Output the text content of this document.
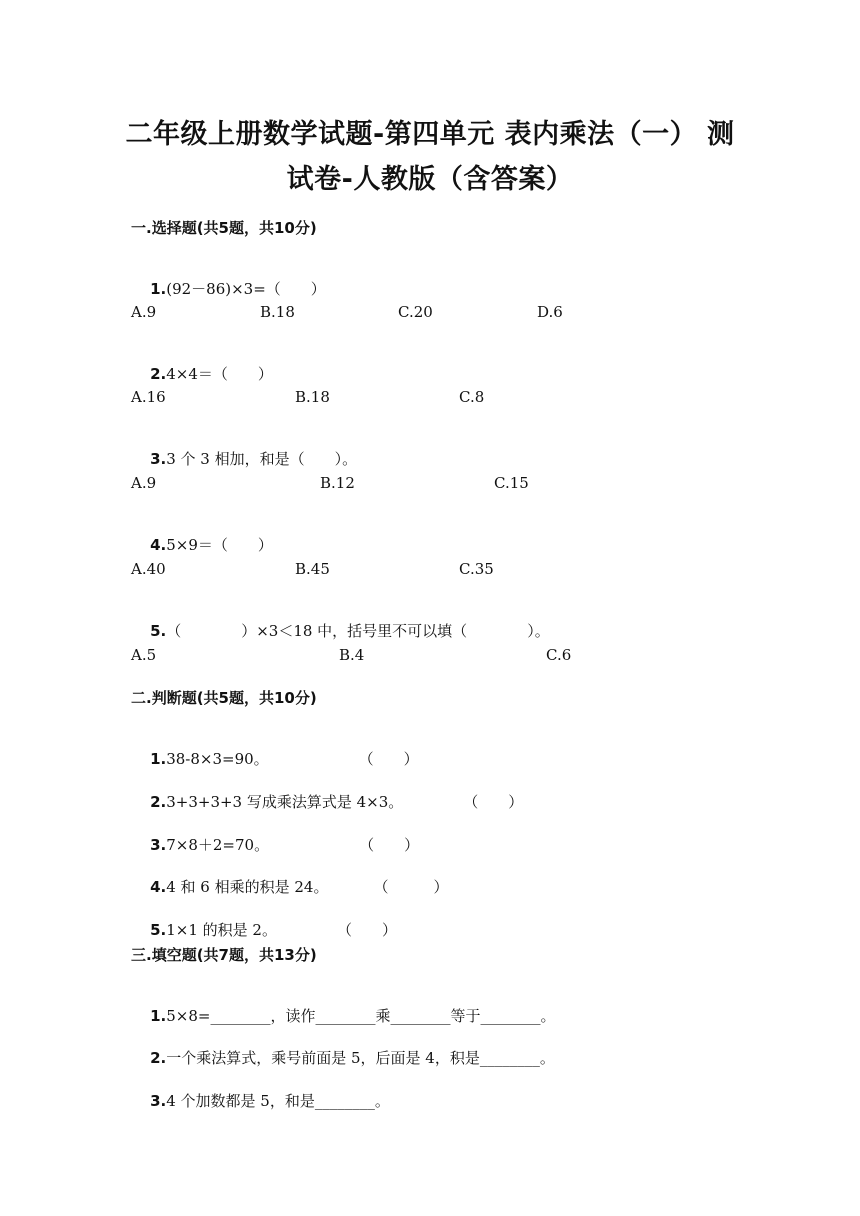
二年级上册数学试题-第四单元 表内乘法（一） 测
试卷-人教版（含答案）
一.选择题(共5题，共10分)

1.(92－86)×3=（　　）

A.9	B.18	C.20	D.6

2.4×4＝（　　）

A.16	B.18	C.8

3.3 个 3 相加，和是（　　）。

A.9	B.12	C.15

4.5×9＝（　　）

A.40	B.45	C.35

5.（　　　　）×3＜18 中，括号里不可以填（　　　　）。

A.5	B.4	C.6
二.判断题(共5题，共10分)

1.38-8×3=90。　　　　　　　（　　）

2.3+3+3+3 写成乘法算式是 4×3。　　　　　（　　）

3.7×8＋2=70。　　　　　　　（　　）

4.4 和 6 相乘的积是 24。　　　　（　　　）

5.1×1 的积是 2。　　　　　（　　）

三.填空题(共7题，共13分)

1.5×8=________，读作________乘________等于________。

2.一个乘法算式，乘号前面是 5，后面是 4，积是________。

3.4 个加数都是 5，和是________。
